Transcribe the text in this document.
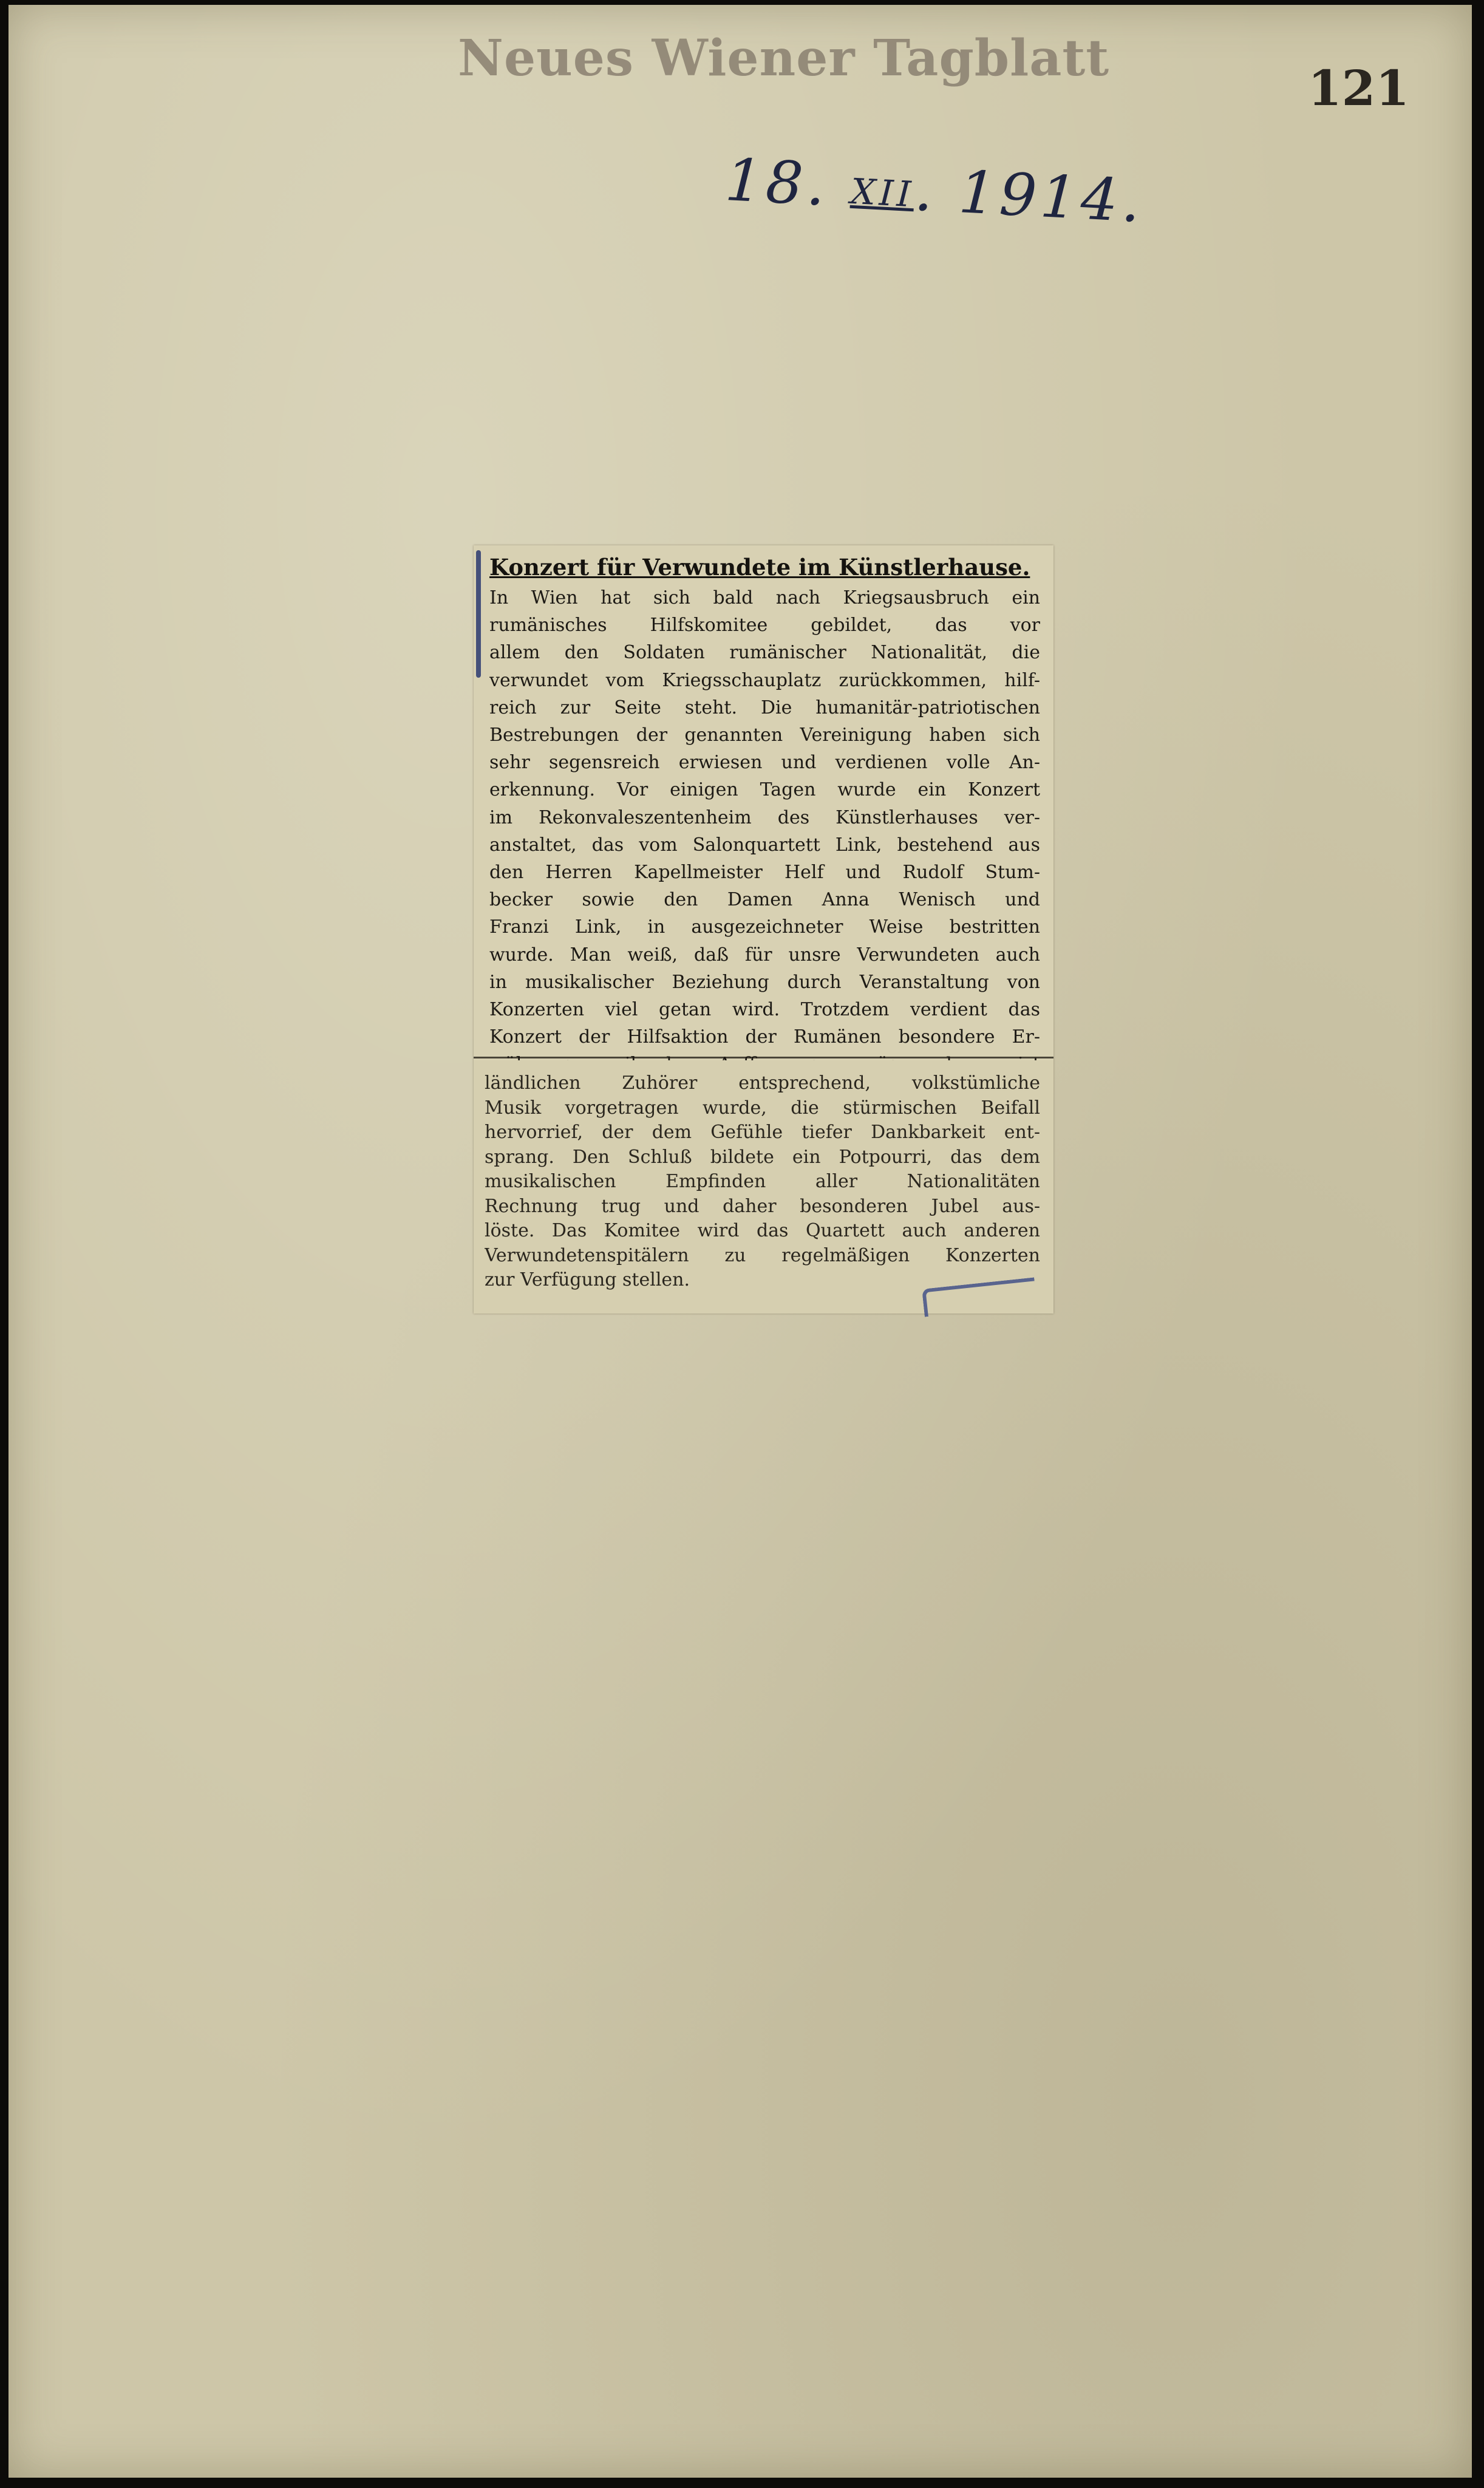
Neues Wiener Tagblatt
121
18. XII. 1914.
Konzert für Verwundete im Künstlerhause.
In Wien hat sich bald nach Kriegsausbruch ein
rumänisches Hilfskomitee gebildet, das vor
allem den Soldaten rumänischer Nationalität, die
verwundet vom Kriegsschauplatz zurückkommen, hilf-
reich zur Seite steht. Die humanitär-patriotischen
Bestrebungen der genannten Vereinigung haben sich
sehr segensreich erwiesen und verdienen volle An-
erkennung. Vor einigen Tagen wurde ein Konzert
im Rekonvaleszentenheim des Künstlerhauses ver-
anstaltet, das vom Salonquartett Link, bestehend aus
den Herren Kapellmeister Helf und Rudolf Stum-
becker sowie den Damen Anna Wenisch und
Franzi Link, in ausgezeichneter Weise bestritten
wurde. Man weiß, daß für unsre Verwundeten auch
in musikalischer Beziehung durch Veranstaltung von
Konzerten viel getan wird. Trotzdem verdient das
Konzert der Hilfsaktion der Rumänen besondere Er-
ländlichen Zuhörer entsprechend, volkstümliche
Musik vorgetragen wurde, die stürmischen Beifall
hervorrief, der dem Gefühle tiefer Dankbarkeit ent-
sprang. Den Schluß bildete ein Potpourri, das dem
musikalischen Empfinden aller Nationalitäten
Rechnung trug und daher besonderen Jubel aus-
löste. Das Komitee wird das Quartett auch anderen
Verwundetenspitälern zu regelmäßigen Konzerten
zur Verfügung stellen.
